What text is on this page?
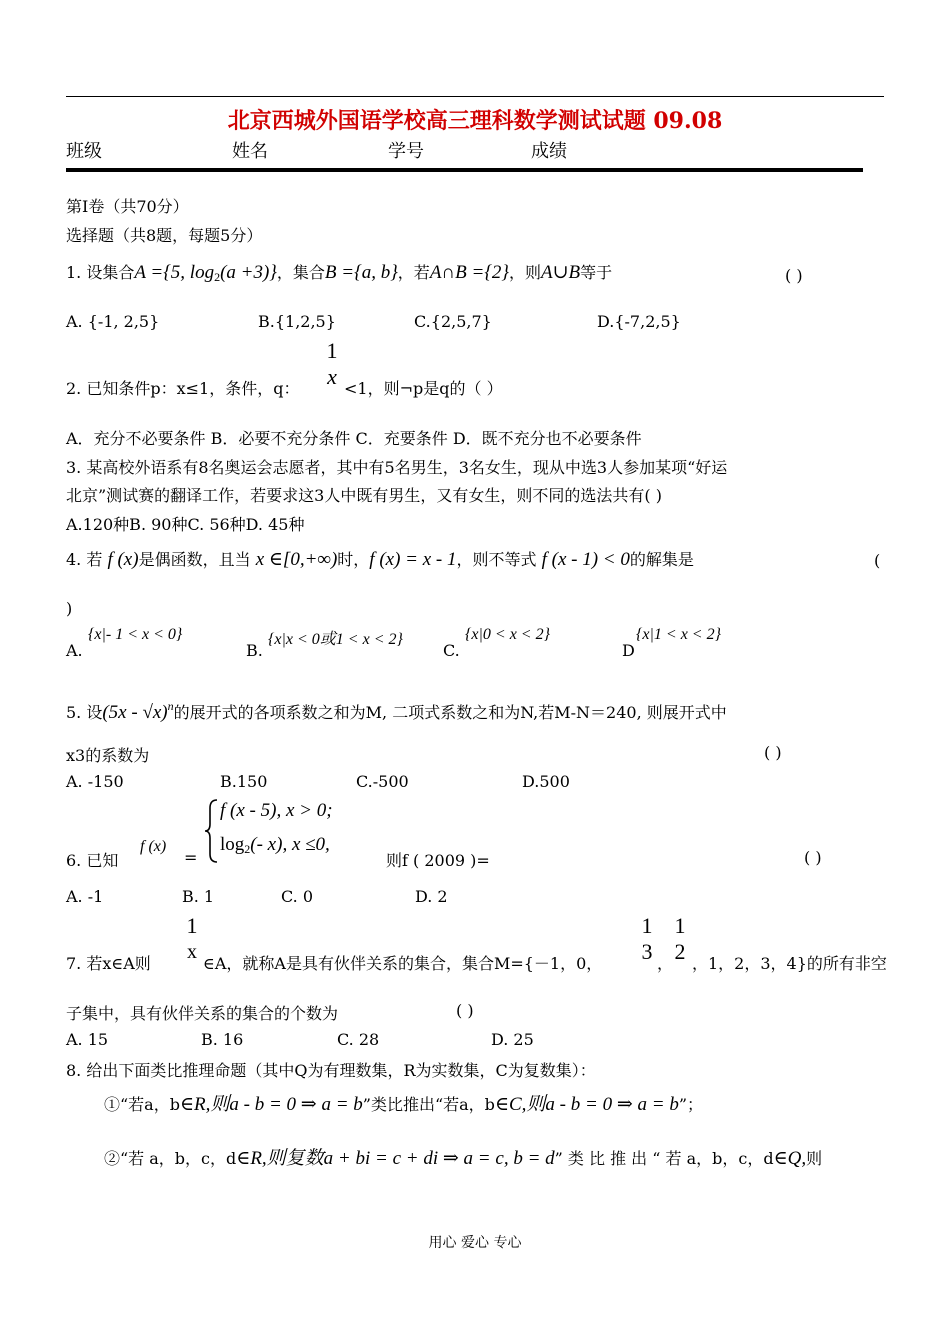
北京西城外国语学校高三理科数学测试试题 09.08
班级	姓名	学号	成绩
第Ⅰ卷（共70分）
选择题（共8题，每题5分）
1. 设集合A ={5, $\log_2(a +3)$}，集合B ={a, b}，若A∩B ={2}，则A∪B等于	( )
A. {-1, 2,5}	B.{1,2,5}	C.{2,5,7}	D.{-7,2,5}
2. 已知条件p：x≤1，条件，q：
1
x <1，则¬p是q的（ ）
A．充分不必要条件 B．必要不充分条件 C．充要条件 D．既不充分也不必要条件
3. 某高校外语系有8名奥运会志愿者，其中有5名男生，3名女生，现从中选3人参加某项“好运
北京”测试赛的翻译工作，若要求这3人中既有男生，又有女生，则不同的选法共有( )
A.120种B. 90种C. 56种D. 45种
4. 若 f (x)是偶函数，且当 x ∈[0,+∞)时，f (x) = x - 1，则不等式 f (x - 1) < 0的解集是	(
)
A.
{x|- 1 < x < 0}
B.
{x|x < 0或1 < x < 2}
C.
{x|0 < x < 2}
D
{x|1 < x < 2}
5. 设(5x - √x)$^n$的展开式的各项系数之和为M, 二项式系数之和为N,若M-N＝240, 则展开式中
x3的系数为	( )
A. -150	B.150	C.-500	D.500
6. 已知
f (x)
=
f (x - 5), x > 0;
$\log_2(-$ x), x ≤0,
则f ( 2009 )=	( )
A. -1	B. 1	C. 0	D. 2
7. 若x∈A则
1
x
∈A，就称A是具有伙伴关系的集合，集合M={－1，0，
1
3 ，
1
2 ，1，2，3，4}的所有非空
子集中，具有伙伴关系的集合的个数为	( )
A. 15	B. 16	C. 28	D. 25
8. 给出下面类比推理命题（其中Q为有理数集，R为实数集，C为复数集）：
①“若a，b∈R,则a - b = 0 ⇒ a = b”类比推出“若a，b∈C,则a - b = 0 ⇒ a = b”；
②“若 a，b，c，d∈R,则复数a + bi = c + di ⇒ a = c, b = d” 类 比 推 出 “ 若 a，b，c，d∈Q,则
用心 爱心 专心
